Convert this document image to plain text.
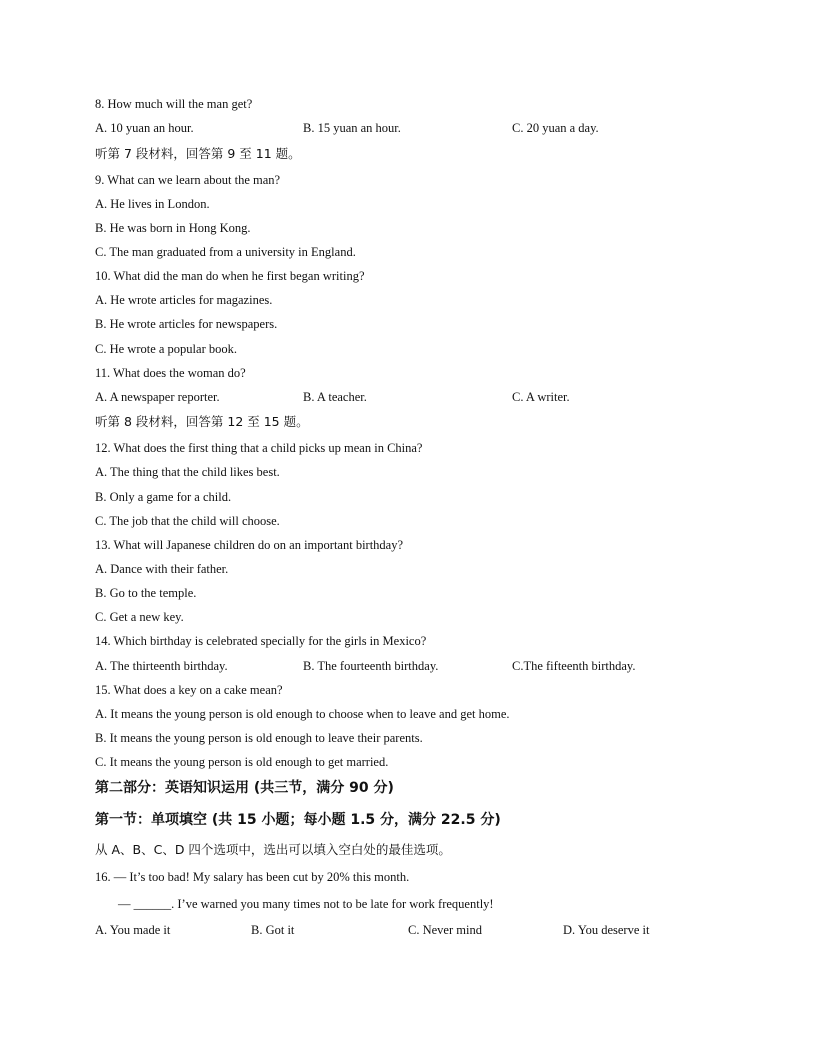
8. How much will the man get?
A. 10 yuan an hour.	B. 15 yuan an hour.	C. 20 yuan a day.
听第 7 段材料，回答第 9 至 11 题。
9. What can we learn about the man?
A. He lives in London.
B. He was born in Hong Kong.
C. The man graduated from a university in England.
10. What did the man do when he first began writing?
A. He wrote articles for magazines.
B. He wrote articles for newspapers.
C. He wrote a popular book.
11. What does the woman do?
A. A newspaper reporter.	B. A teacher.	C. A writer.
听第 8 段材料，回答第 12 至 15 题。
12. What does the first thing that a child picks up mean in China?
A. The thing that the child likes best.
B. Only a game for a child.
C. The job that the child will choose.
13. What will Japanese children do on an important birthday?
A. Dance with their father.
B. Go to the temple.
C. Get a new key.
14. Which birthday is celebrated specially for the girls in Mexico?
A. The thirteenth birthday.	B. The fourteenth birthday.	C.The fifteenth birthday.
15. What does a key on a cake mean?
A. It means the young person is old enough to choose when to leave and get home.
B. It means the young person is old enough to leave their parents.
C. It means the young person is old enough to get married.
第二部分：英语知识运用 (共三节，满分 90 分)
第一节：单项填空 (共 15 小题；每小题 1.5 分，满分 22.5 分)
从 A、B、C、D 四个选项中，选出可以填入空白处的最佳选项。
16. — It’s too bad! My salary has been cut by 20% this month.
— ______. I’ve warned you many times not to be late for work frequently!
A. You made it	B. Got it	C. Never mind	D. You deserve it
